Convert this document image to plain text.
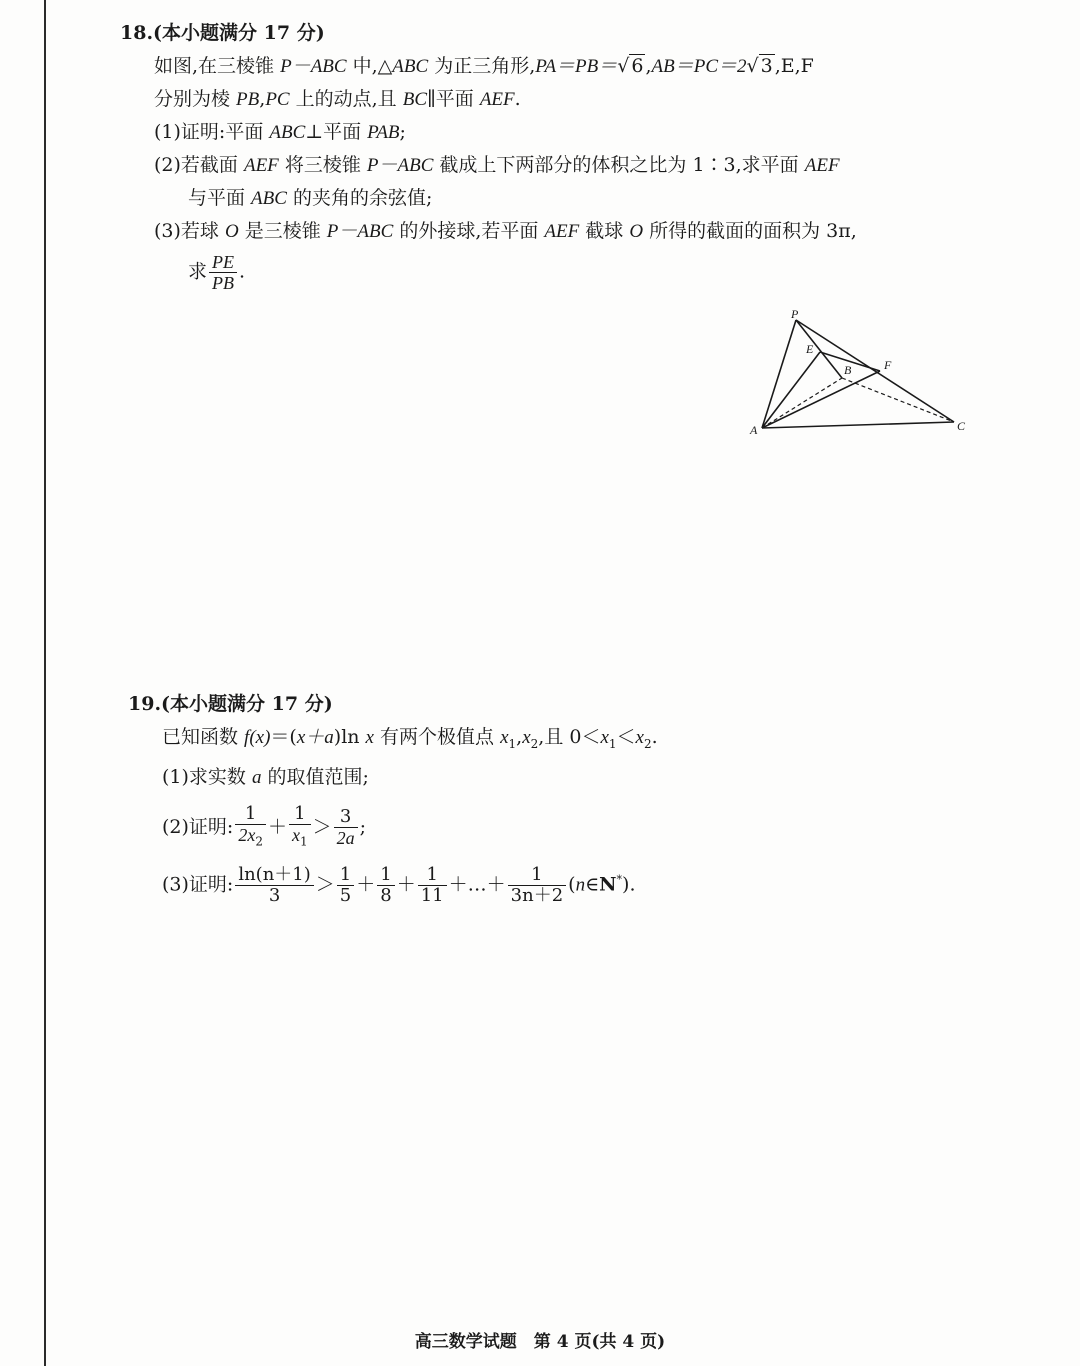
18.(本小题满分 17 分)
如图,在三棱锥 P－ABC 中,△ABC 为正三角形,PA＝PB＝√ 6 ,AB＝PC＝2√ 3 ,E,F
分别为棱 PB,PC 上的动点,且 BC∥平面 AEF.
(1)证明:平面 ABC⊥平面 PAB;
(2)若截面 AEF 将三棱锥 P－ABC 截成上下两部分的体积之比为 1∶3,求平面 AEF
与平面 ABC 的夹角的余弦值;
(3)若球 O 是三棱锥 P－ABC 的外接球,若平面 AEF 截球 O 所得的截面的面积为 3π,
求 $\frac{PE}{PB}$ .
P
E
B	F
A	C
19.(本小题满分 17 分)
已知函数 f(x)＝(x＋a)ln x 有两个极值点 $x_1,x_2$,且 $0<x_1<x_2$.
(1)求实数 a 的取值范围;
(2)证明: $\frac{1}{2x_2} + \frac{1}{x_1} > \frac{3}{2a}$ ;
(3)证明: $\frac{\ln(n+1)}{3} > \frac{1}{5} + \frac{1}{8} + \frac{1}{11}$ ＋…＋ $\frac{1}{3n+2}$ (n∈N*).
高三数学试题　第 4 页(共 4 页)
